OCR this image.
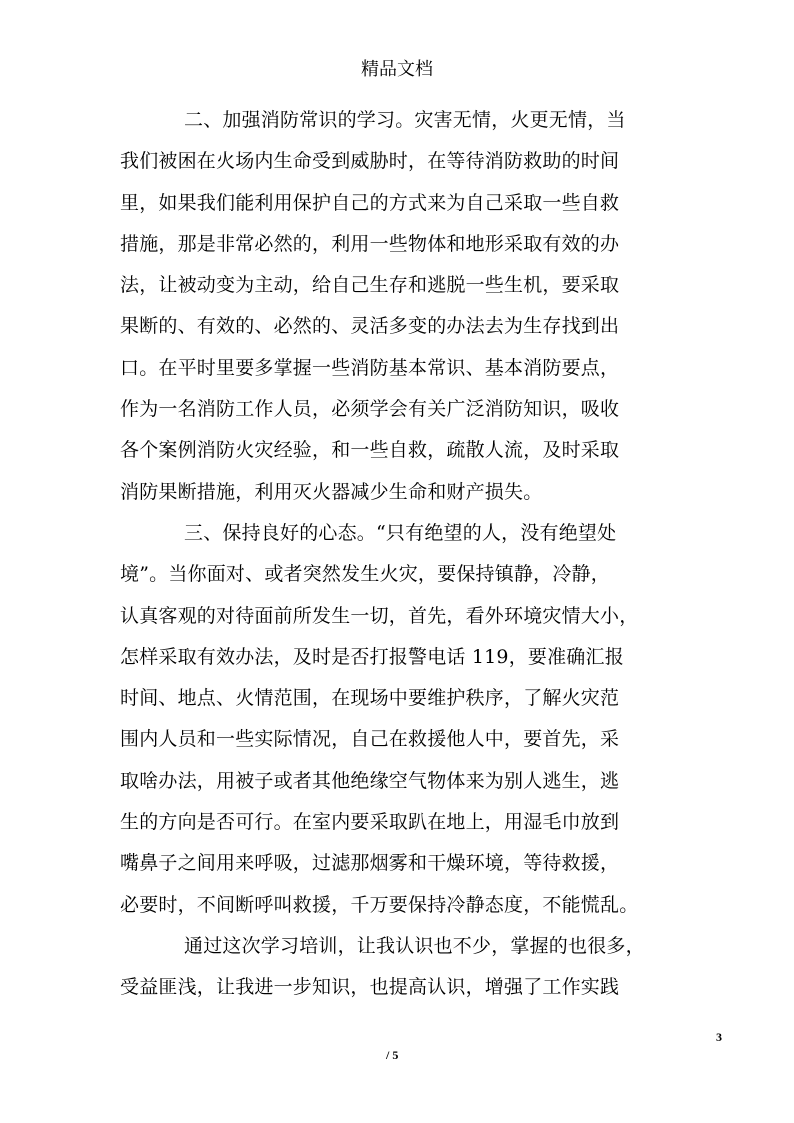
精品文档
二、加强消防常识的学习。灾害无情，火更无情，当
我们被困在火场内生命受到威胁时，在等待消防救助的时间
里，如果我们能利用保护自己的方式来为自己采取一些自救
措施，那是非常必然的，利用一些物体和地形采取有效的办
法，让被动变为主动，给自己生存和逃脱一些生机，要采取
果断的、有效的、必然的、灵活多变的办法去为生存找到出
口。在平时里要多掌握一些消防基本常识、基本消防要点，
作为一名消防工作人员，必须学会有关广泛消防知识，吸收
各个案例消防火灾经验，和一些自救，疏散人流，及时采取
消防果断措施，利用灭火器减少生命和财产损失。
三、保持良好的心态。“只有绝望的人，没有绝望处
境”。当你面对、或者突然发生火灾，要保持镇静，冷静，
认真客观的对待面前所发生一切，首先，看外环境灾情大小，
怎样采取有效办法，及时是否打报警电话 119，要准确汇报
时间、地点、火情范围，在现场中要维护秩序，了解火灾范
围内人员和一些实际情况，自己在救援他人中，要首先，采
取啥办法，用被子或者其他绝缘空气物体来为别人逃生，逃
生的方向是否可行。在室内要采取趴在地上，用湿毛巾放到
嘴鼻子之间用来呼吸，过滤那烟雾和干燥环境，等待救援，
必要时，不间断呼叫救援，千万要保持冷静态度，不能慌乱。
通过这次学习培训，让我认识也不少，掌握的也很多，
受益匪浅，让我进一步知识，也提高认识，增强了工作实践
3
/ 5
